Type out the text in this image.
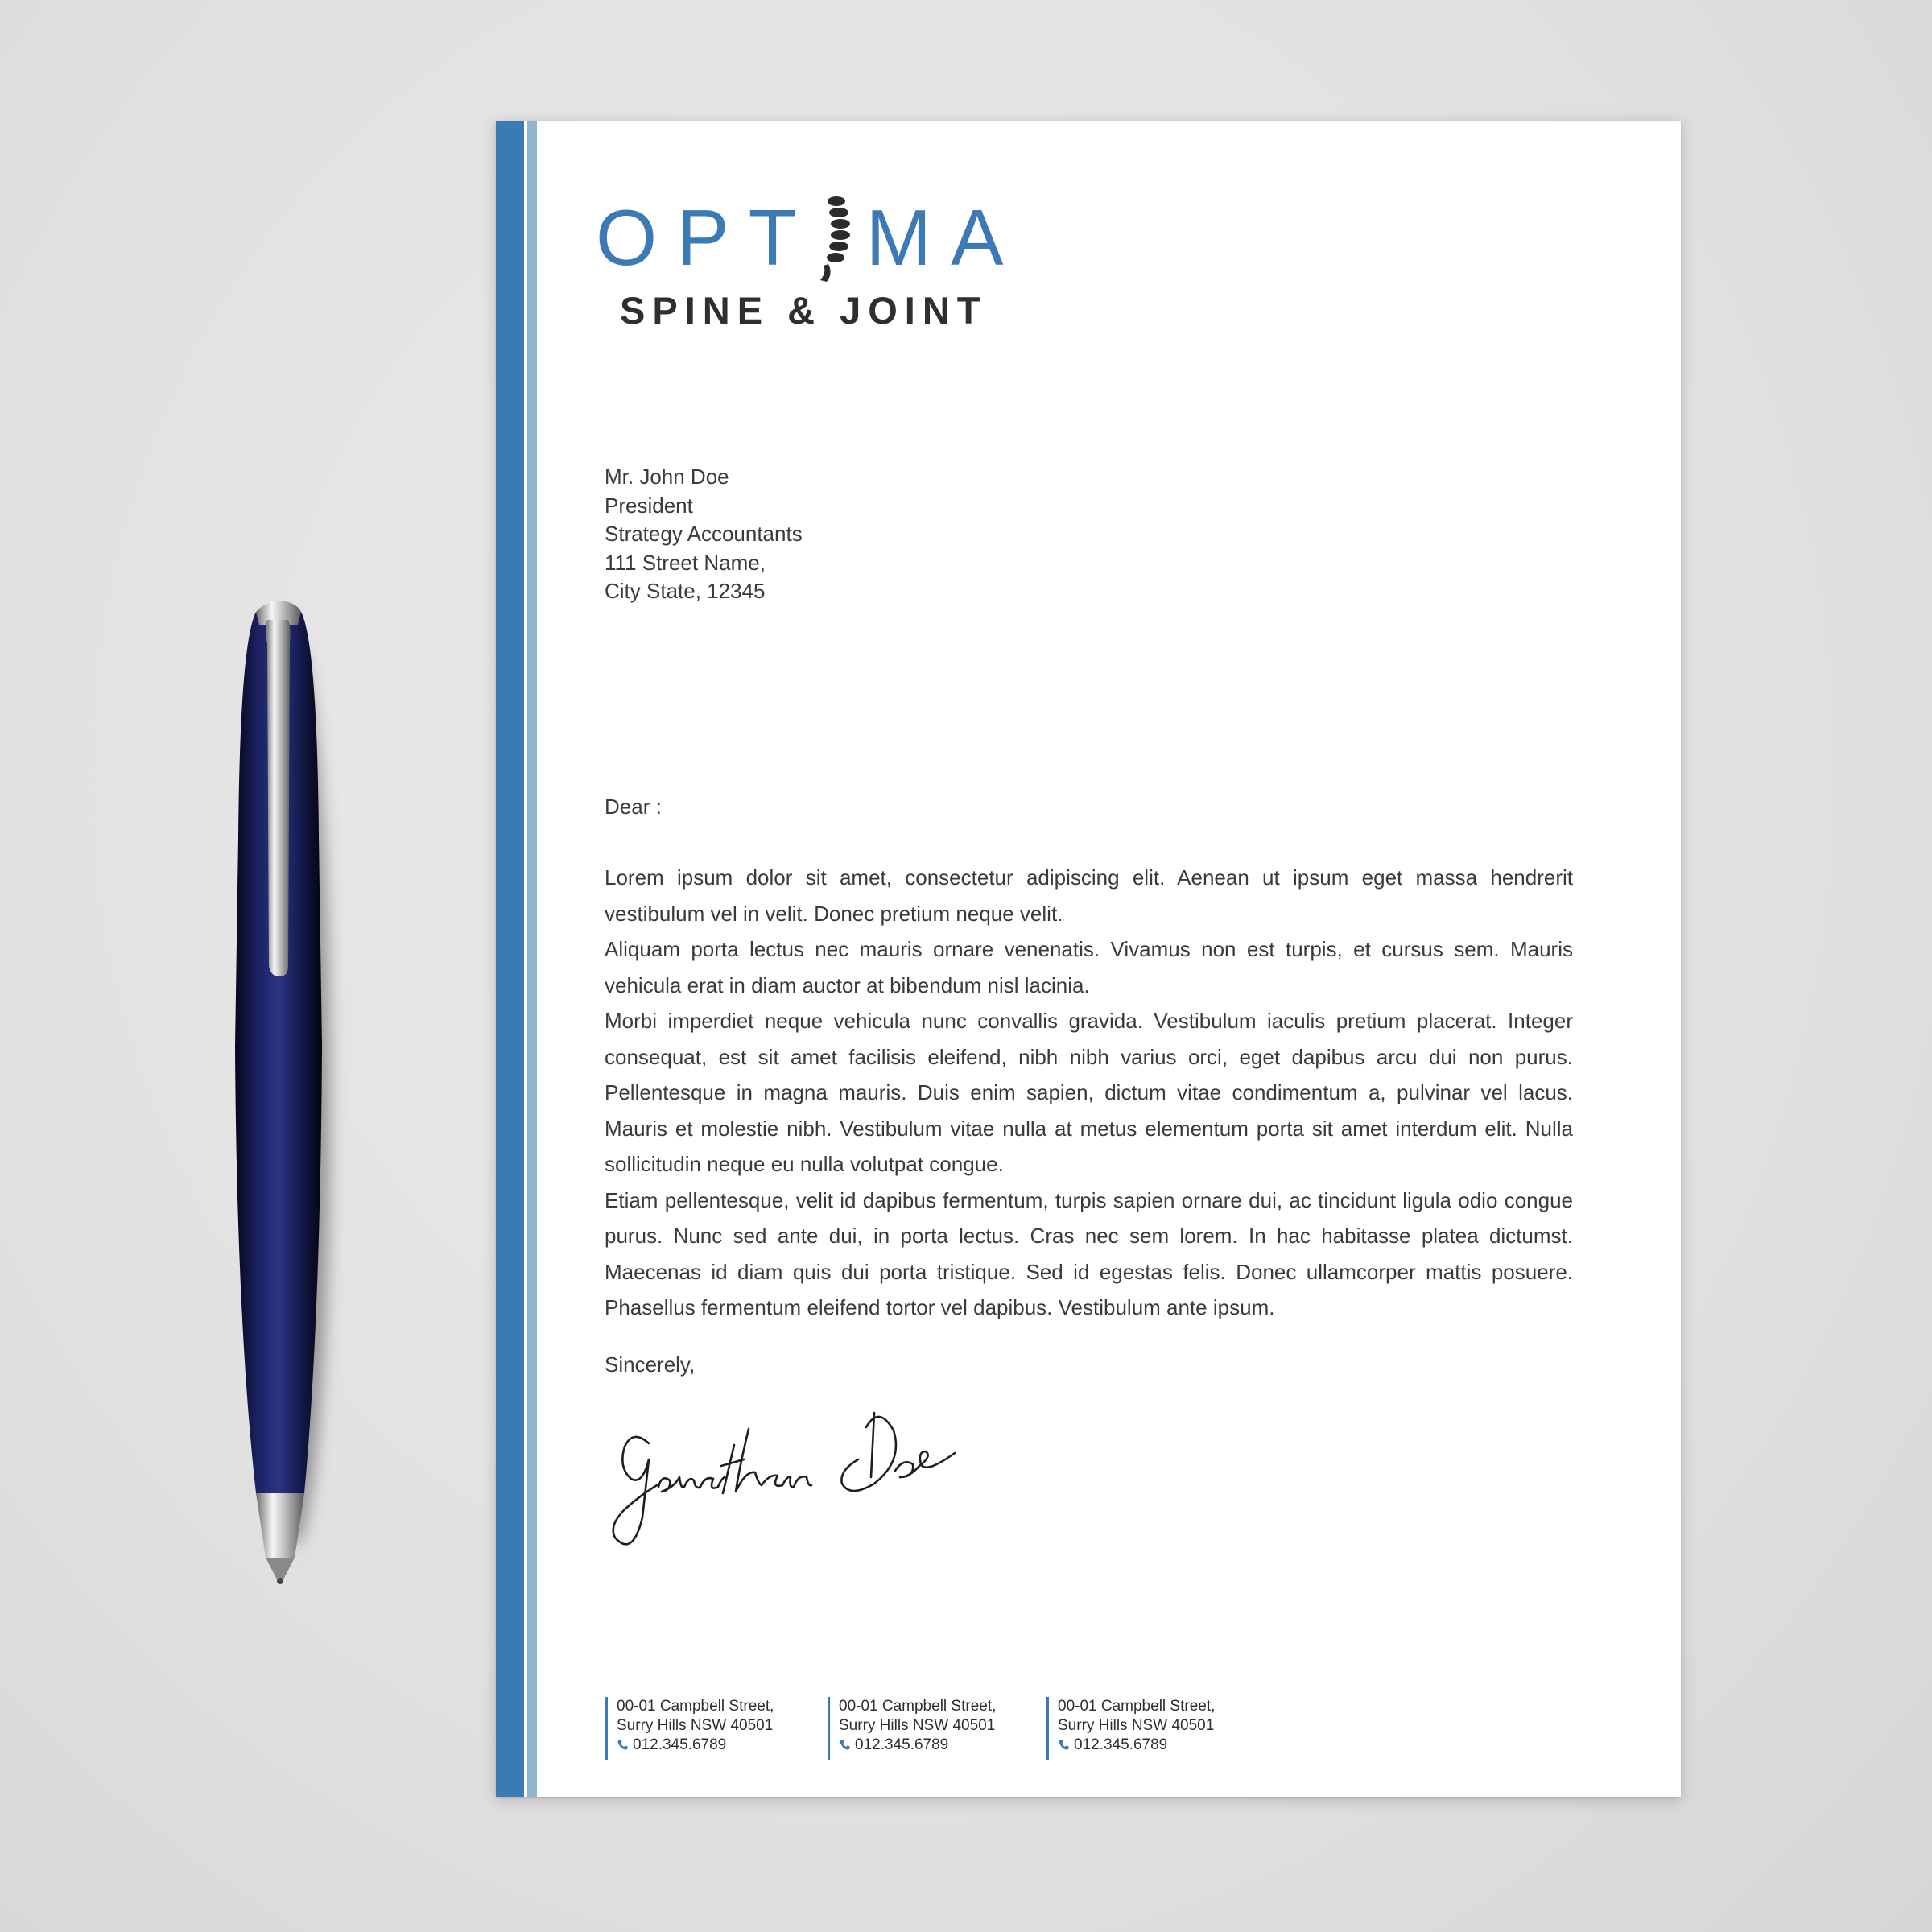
OPT MA
SPINE & JOINT
Mr. John Doe
President
Strategy Accountants
111 Street Name,
City State, 12345
Dear :

Lorem ipsum dolor sit amet, consectetur adipiscing elit. Aenean ut ipsum eget massa hendrerit vestibulum vel in velit. Donec pretium neque velit.

Aliquam porta lectus nec mauris ornare venenatis. Vivamus non est turpis, et cursus sem. Mauris vehicula erat in diam auctor at bibendum nisl lacinia.

Morbi imperdiet neque vehicula nunc convallis gravida. Vestibulum iaculis pretium placerat. Integer consequat, est sit amet facilisis eleifend, nibh nibh varius orci, eget dapibus arcu dui non purus. Pellentesque in magna mauris. Duis enim sapien, dictum vitae condimentum a, pulvinar vel lacus. Mauris et molestie nibh. Vestibulum vitae nulla at metus elementum porta sit amet interdum elit. Nulla sollicitudin neque eu nulla volutpat congue.

Etiam pellentesque, velit id dapibus fermentum, turpis sapien ornare dui, ac tincidunt ligula odio congue purus. Nunc sed ante dui, in porta lectus. Cras nec sem lorem. In hac habitasse platea dictumst. Maecenas id diam quis dui porta tristique. Sed id egestas felis. Donec ullamcorper mattis posuere. Phasellus fermentum eleifend tortor vel dapibus. Vestibulum ante ipsum.

Sincerely,
00-01 Campbell Street,
Surry Hills NSW 40501
012.345.6789
00-01 Campbell Street,
Surry Hills NSW 40501
012.345.6789
00-01 Campbell Street,
Surry Hills NSW 40501
012.345.6789
